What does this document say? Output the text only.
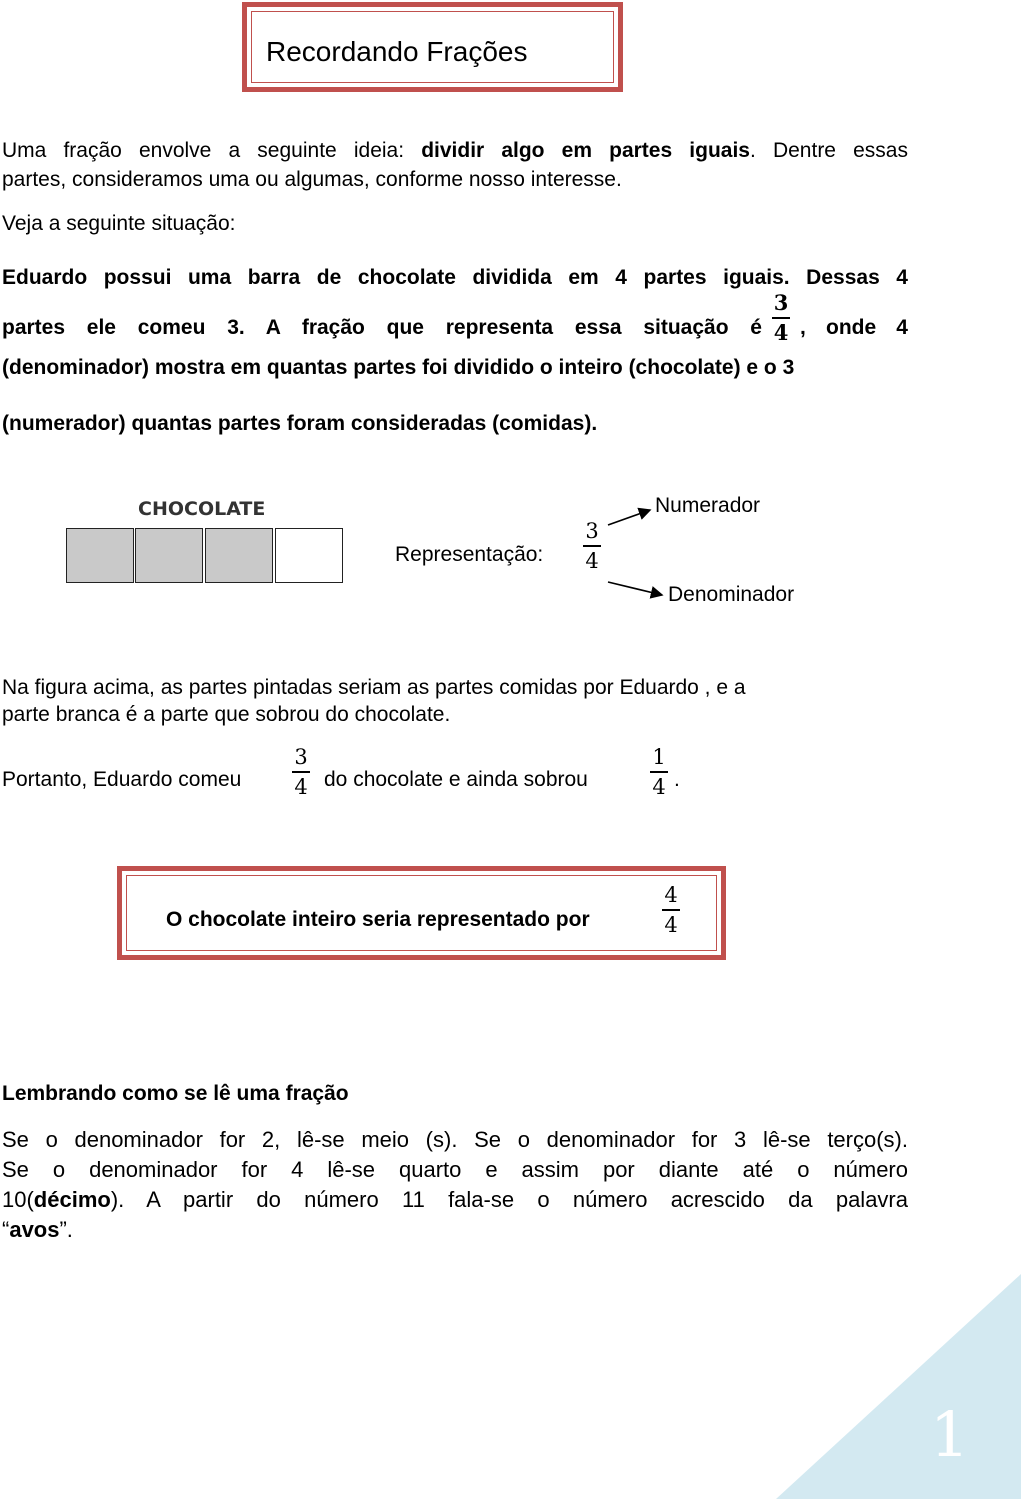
Recordando Frações
Uma fração envolve a seguinte ideia: dividir algo em partes iguais. Dentre essas
partes, consideramos uma ou algumas, conforme nosso interesse.
Veja a seguinte situação:
Eduardo possui uma barra de chocolate dividida em 4 partes iguais. Dessas 4
partes ele comeu 3. A fração que representa essa situação é
3
4 , onde 4
(denominador) mostra em quantas partes foi dividido o inteiro (chocolate) e o 3
(numerador) quantas partes foram consideradas (comidas).
CHOCOLATE
Representação:
3
4
Numerador
Denominador
Na figura acima, as partes pintadas seriam as partes comidas por Eduardo , e a
parte branca é a parte que sobrou do chocolate.
Portanto, Eduardo comeu
3
4 do chocolate e ainda sobrou
1
4 .
O chocolate inteiro seria representado por
4
4
Lembrando como se lê uma fração
Se o denominador for 2, lê-se meio (s). Se o denominador for 3 lê-se terço(s).
Se o denominador for 4 lê-se quarto e assim por diante até o número
10(décimo). A partir do número 11 fala-se o número acrescido da palavra
“avos”.
1
